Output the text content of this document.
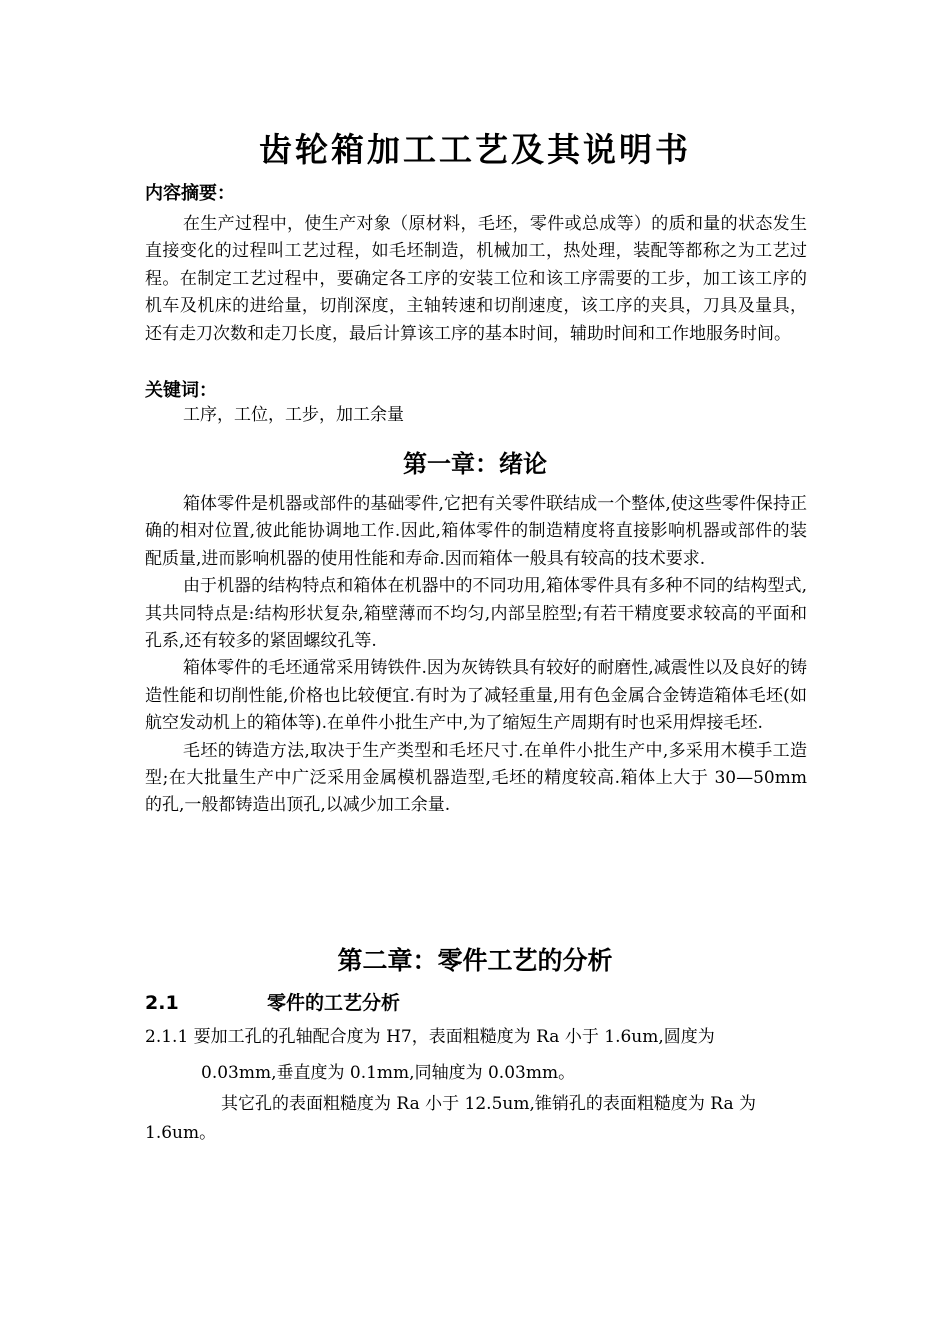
齿轮箱加工工艺及其说明书
内容摘要：

在生产过程中，使生产对象（原材料，毛坯，零件或总成等）的质和量的状态发生直接变化的过程叫工艺过程，如毛坯制造，机械加工，热处理，装配等都称之为工艺过程。在制定工艺过程中，要确定各工序的安装工位和该工序需要的工步，加工该工序的机车及机床的进给量，切削深度，主轴转速和切削速度，该工序的夹具，刀具及量具，还有走刀次数和走刀长度，最后计算该工序的基本时间，辅助时间和工作地服务时间。

关键词：

工序，工位，工步，加工余量

第一章：绪论

箱体零件是机器或部件的基础零件,它把有关零件联结成一个整体,使这些零件保持正确的相对位置,彼此能协调地工作.因此,箱体零件的制造精度将直接影响机器或部件的装配质量,进而影响机器的使用性能和寿命.因而箱体一般具有较高的技术要求.

由于机器的结构特点和箱体在机器中的不同功用,箱体零件具有多种不同的结构型式,其共同特点是:结构形状复杂,箱壁薄而不均匀,内部呈腔型;有若干精度要求较高的平面和孔系,还有较多的紧固螺纹孔等.

箱体零件的毛坯通常采用铸铁件.因为灰铸铁具有较好的耐磨性,减震性以及良好的铸造性能和切削性能,价格也比较便宜.有时为了减轻重量,用有色金属合金铸造箱体毛坯(如航空发动机上的箱体等).在单件小批生产中,为了缩短生产周期有时也采用焊接毛坯.

毛坯的铸造方法,取决于生产类型和毛坯尺寸.在单件小批生产中,多采用木模手工造型;在大批量生产中广泛采用金属模机器造型,毛坯的精度较高.箱体上大于 30—50mm 的孔,一般都铸造出顶孔,以减少加工余量.

第二章：零件工艺的分析
2.1	零件的工艺分析
2.1.1 要加工孔的孔轴配合度为 H7，表面粗糙度为 Ra 小于 1.6um,圆度为
0.03mm,垂直度为 0.1mm,同轴度为 0.03mm。
其它孔的表面粗糙度为 Ra 小于 12.5um,锥销孔的表面粗糙度为 Ra 为
1.6um。
